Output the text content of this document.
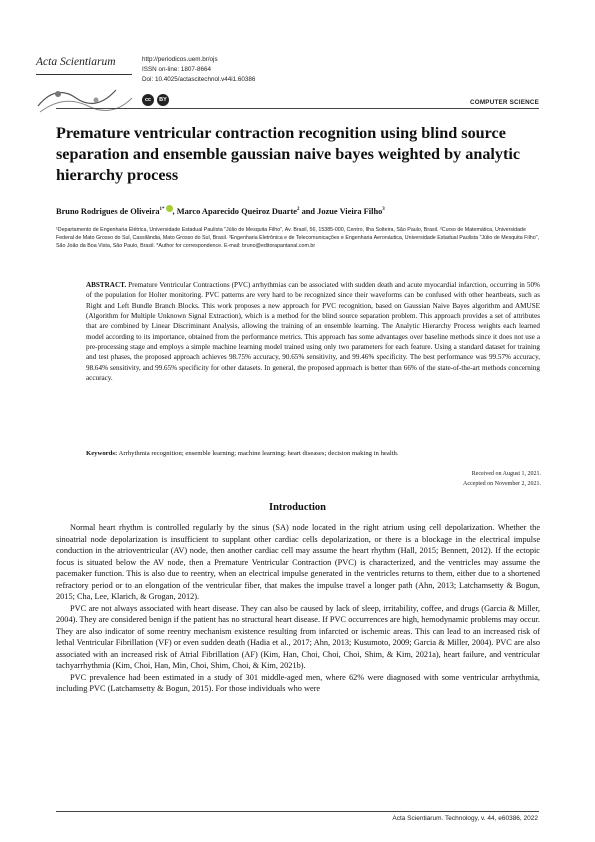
Acta Scientiarum	http://periodicos.uem.br/ojs
ISSN on-line: 1807-8664
Doi: 10.4025/actascitechnol.v44i1.60386
cc	BY	COMPUTER SCIENCE
Premature ventricular contraction recognition using blind source separation and ensemble gaussian naive bayes weighted by analytic hierarchy process
Bruno Rodrigues de Oliveira$^{1*}$ , Marco Aparecido Queiroz Duarte$^2$ and Jozue Vieira Filho$^3$
¹Departamento de Engenharia Elétrica, Universidade Estadual Paulista "Júlio de Mesquita Filho", Av. Brasil, 56, 15385-000, Centro, Ilha Solteira, São Paulo, Brasil. ²Curso de Matemática, Universidade Federal de Mato Grosso do Sul, Cassilândia, Mato Grosso do Sul, Brasil. ³Engenharia Eletrônica e de Telecomunicações e Engenharia Aeronáutica, Universidade Estadual Paulista "Júlio de Mesquita Filho", São João da Boa Vista, São Paulo, Brasil. *Author for correspondence. E-mail: bruno@editorapantanal.com.br
ABSTRACT. Premature Ventricular Contractions (PVC) arrhythmias can be associated with sudden death and acute myocardial infarction, occurring in 50% of the population for Holter monitoring. PVC patterns are very hard to be recognized since their waveforms can be confused with other heartbeats, such as Right and Left Bundle Branch Blocks. This work proposes a new approach for PVC recognition, based on Gaussian Naive Bayes algorithm and AMUSE (Algorithm for Multiple Unknown Signal Extraction), which is a method for the blind source separation problem. This approach provides a set of attributes that are combined by Linear Discriminant Analysis, allowing the training of an ensemble learning. The Analytic Hierarchy Process weights each learned model according to its importance, obtained from the performance metrics. This approach has some advantages over baseline methods since it does not use a pre-processing stage and employs a simple machine learning model trained using only two parameters for each feature. Using a standard dataset for training and test phases, the proposed approach achieves 98.75% accuracy, 90.65% sensitivity, and 99.46% specificity. The best performance was 99.57% accuracy, 98.64% sensitivity, and 99.65% specificity for other datasets. In general, the proposed approach is better than 66% of the state-of-the-art methods concerning accuracy.
Keywords: Arrhythmia recognition; ensemble learning; machine learning; heart diseases; decision making in health.
Received on August 1, 2021.
Accepted on November 2, 2021.
Introduction

Normal heart rhythm is controlled regularly by the sinus (SA) node located in the right atrium using cell depolarization. Whether the sinoatrial node depolarization is insufficient to supplant other cardiac cells depolarization, or there is a blockage in the electrical impulse conduction in the atrioventricular (AV) node, then another cardiac cell may assume the heart rhythm (Hall, 2015; Bennett, 2012). If the ectopic focus is situated below the AV node, then a Premature Ventricular Contraction (PVC) is characterized, and the ventricles may assume the pacemaker function. This is also due to reentry, when an electrical impulse generated in the ventricles returns to them, either due to a shortened refractory period or to an elongation of the ventricular fiber, that makes the impulse travel a longer path (Ahn, 2013; Latchamsetty & Bogun, 2015; Cha, Lee, Klarich, & Grogan, 2012).

PVC are not always associated with heart disease. They can also be caused by lack of sleep, irritability, coffee, and drugs (Garcia & Miller, 2004). They are considered benign if the patient has no structural heart disease. If PVC occurrences are high, hemodynamic problems may occur. They are also indicator of some reentry mechanism existence resulting from infarcted or ischemic areas. This can lead to an increased risk of lethal Ventricular Fibrillation (VF) or even sudden death (Hadia et al., 2017; Ahn, 2013; Kusumoto, 2009; Garcia & Miller, 2004). PVC are also associated with an increased risk of Atrial Fibrillation (AF) (Kim, Han, Choi, Choi, Choi, Shim, & Kim, 2021a), heart failure, and ventricular tachyarrhythmia (Kim, Choi, Han, Min, Choi, Shim, Choi, & Kim, 2021b).

PVC prevalence had been estimated in a study of 301 middle-aged men, where 62% were diagnosed with some ventricular arrhythmia, including PVC (Latchamsetty & Bogun, 2015). For those individuals who were

Acta Scientiarum. Technology, v. 44, e60386, 2022
